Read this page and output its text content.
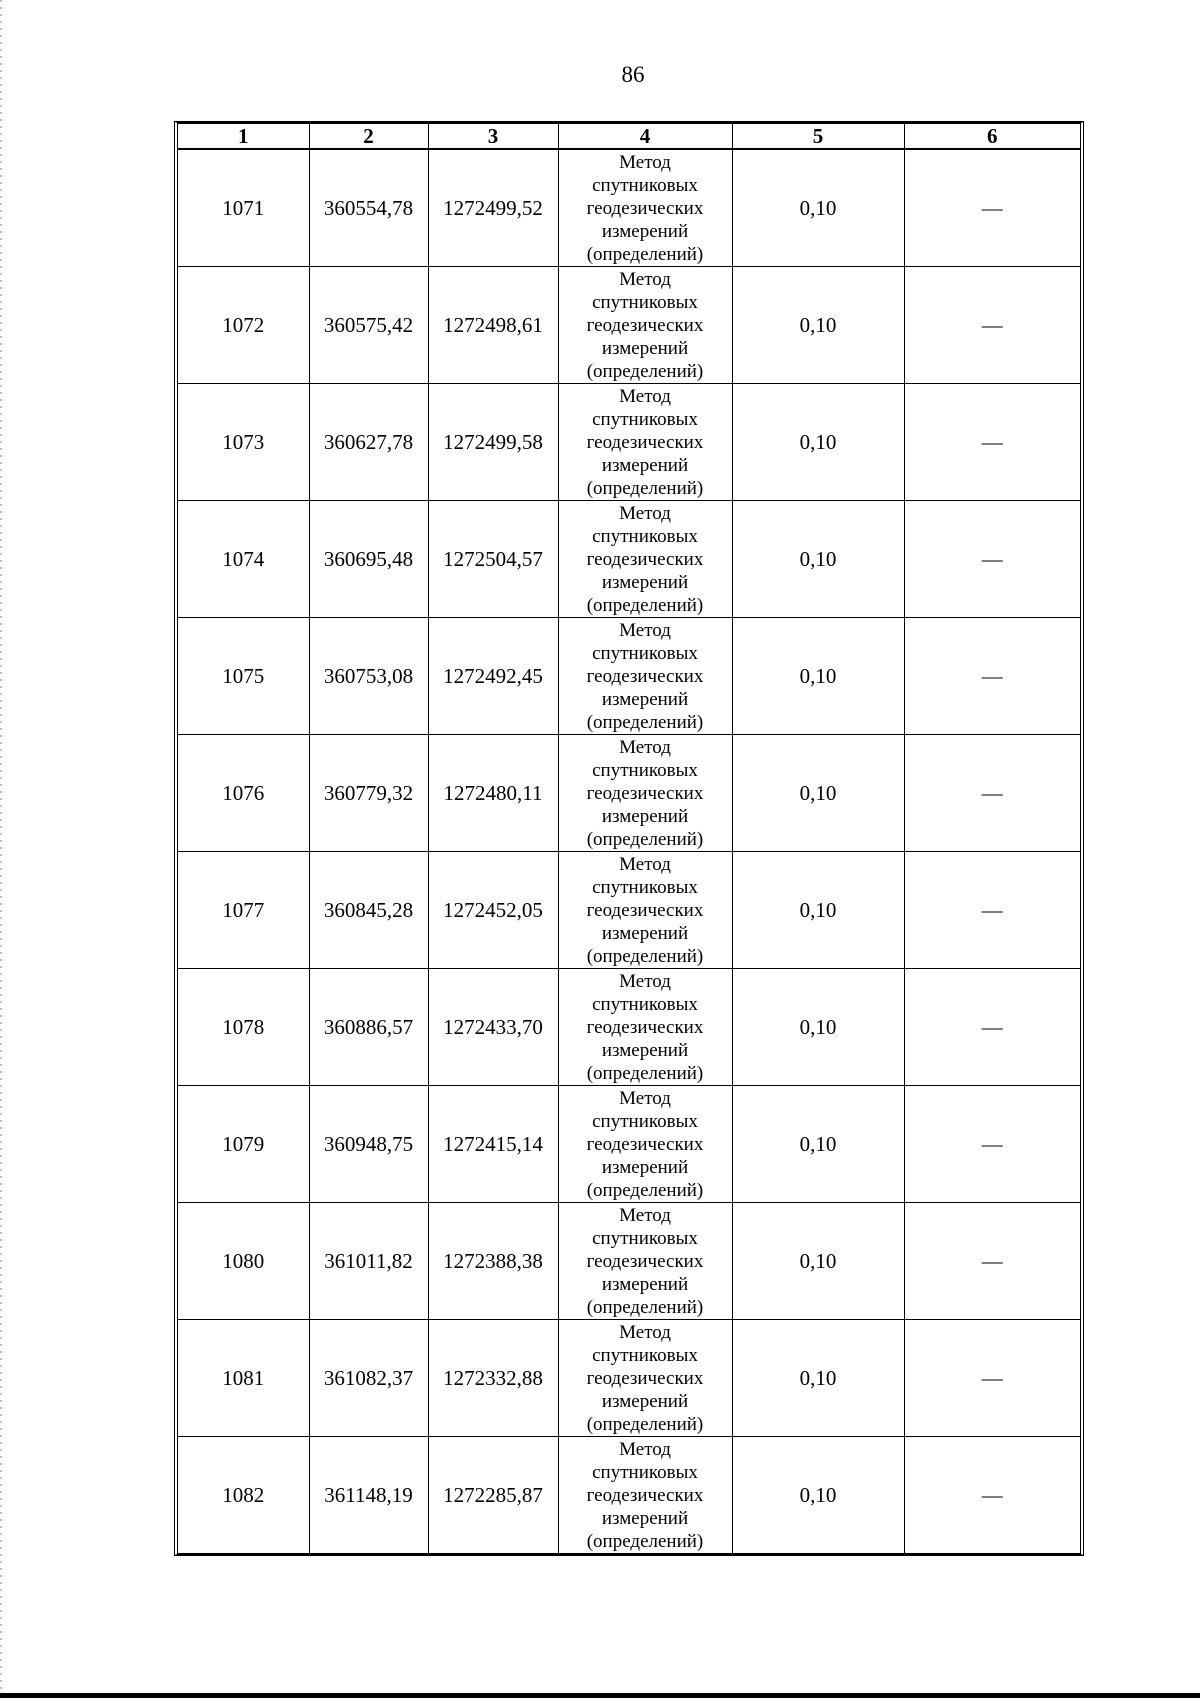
86
1	2	3	4	5	6
1071	360554,78	1272499,52	Метод
спутниковых
геодезических
измерений
(определений)	0,10	—
1072	360575,42	1272498,61	Метод
спутниковых
геодезических
измерений
(определений)	0,10	—
1073	360627,78	1272499,58	Метод
спутниковых
геодезических
измерений
(определений)	0,10	—
1074	360695,48	1272504,57	Метод
спутниковых
геодезических
измерений
(определений)	0,10	—
1075	360753,08	1272492,45	Метод
спутниковых
геодезических
измерений
(определений)	0,10	—
1076	360779,32	1272480,11	Метод
спутниковых
геодезических
измерений
(определений)	0,10	—
1077	360845,28	1272452,05	Метод
спутниковых
геодезических
измерений
(определений)	0,10	—
1078	360886,57	1272433,70	Метод
спутниковых
геодезических
измерений
(определений)	0,10	—
1079	360948,75	1272415,14	Метод
спутниковых
геодезических
измерений
(определений)	0,10	—
1080	361011,82	1272388,38	Метод
спутниковых
геодезических
измерений
(определений)	0,10	—
1081	361082,37	1272332,88	Метод
спутниковых
геодезических
измерений
(определений)	0,10	—
1082	361148,19	1272285,87	Метод
спутниковых
геодезических
измерений
(определений)	0,10	—
